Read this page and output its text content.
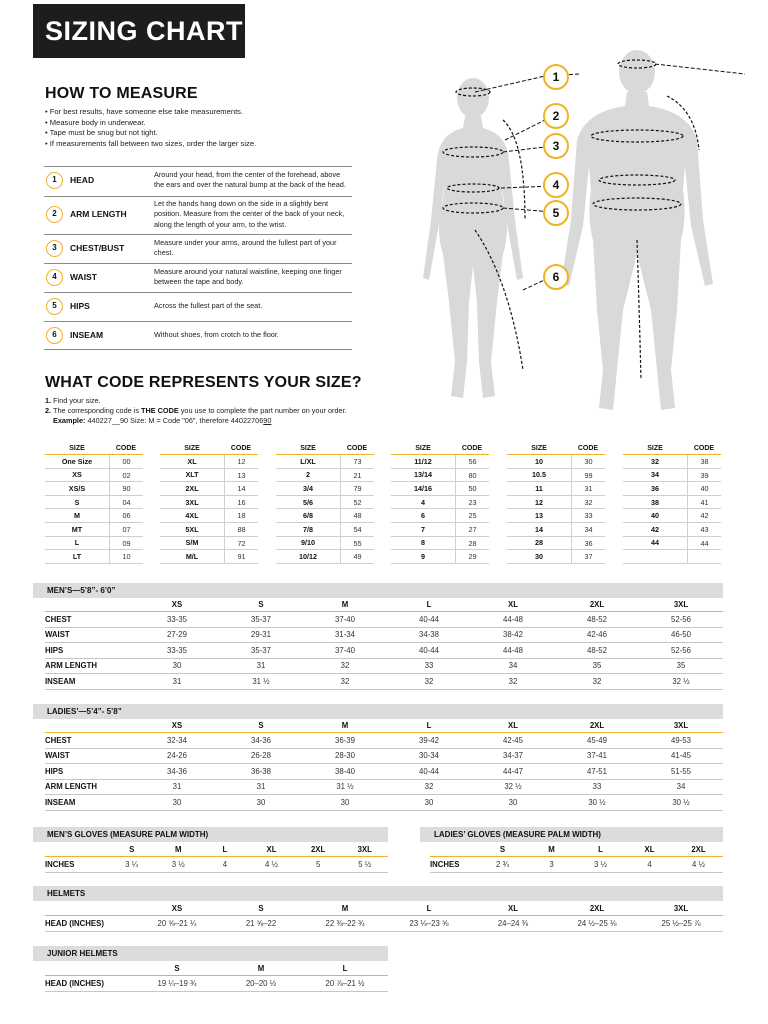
SIZING CHART
HOW TO MEASURE
• For best results, have someone else take measurements.
• Measure body in underwear.
• Tape must be snug but not tight.
• If measurements fall between two sizes, order the larger size.
1	HEAD
Around your head, from the center of the forehead, above the ears and over the natural bump at the back of the head.
2	ARM LENGTH
Let the hands hang down on the side in a slightly bent position. Measure from the center of the back of your neck, along the length of your arm, to the wrist.
3	CHEST/BUST
Measure under your arms, around the fullest part of your chest.
4	WAIST
Measure around your natural waistline, keeping one finger between the tape and body.
5	HIPS	Across the fullest part of the seat.
6	INSEAM	Without shoes, from crotch to the floor.
1
2
3
4
5
6
WHAT CODE REPRESENTS YOUR SIZE?
1. Find your size.
2. The corresponding code is THE CODE you use to complete the part number on your order.
Example: 440227__90 Size: M = Code "06", therefore 4402270690
SIZE	CODE
One Size	00
XS	02
XS/S	90
S	04
M	06
MT	07
L	09
LT	10
SIZE	CODE
XL	12
XLT	13
2XL	14
3XL	16
4XL	18
5XL	88
S/M	72
M/L	91
SIZE	CODE
L/XL	73
2	21
3/4	79
5/6	52
6/8	48
7/8	54
9/10	55
10/12	49
SIZE	CODE
11/12	56
13/14	80
14/16	50
4	23
6	25
7	27
8	28
9	29
SIZE	CODE
10	30
10.5	99
11	31
12	32
13	33
14	34
28	36
30	37
SIZE	CODE
32	38
34	39
36	40
38	41
40	42
42	43
44	44
MEN’S—5’8”- 6’0”
XS	S	M	L	XL	2XL	3XL
CHEST	33-35	35-37	37-40	40-44	44-48	48-52	52-56
WAIST	27-29	29-31	31-34	34-38	38-42	42-46	46-50
HIPS	33-35	35-37	37-40	40-44	44-48	48-52	52-56
ARM LENGTH	30	31	32	33	34	35	35
INSEAM	31	31 ½	32	32	32	32	32 ½
LADIES’—5’4”- 5’8”
XS	S	M	L	XL	2XL	3XL
CHEST	32-34	34-36	36-39	39-42	42-45	45-49	49-53
WAIST	24-26	26-28	28-30	30-34	34-37	37-41	41-45
HIPS	34-36	36-38	38-40	40-44	44-47	47-51	51-55
ARM LENGTH	31	31	31 ½	32	32 ½	33	34
INSEAM	30	30	30	30	30	30 ½	30 ½
MEN’S GLOVES (MEASURE PALM WIDTH)
S	M	L	XL	2XL	3XL
INCHES	3 ¼	3 ½	4	4 ½	5	5 ½
LADIES’ GLOVES (MEASURE PALM WIDTH)
S	M	L	XL	2XL
INCHES	2 ¾	3	3 ½	4	4 ½
HELMETS
XS	S	M	L	XL	2XL	3XL
HEAD (INCHES)	20 ⅝–21 ¼	21 ⅝–22	22 ⅜–22 ¾	23 ⅛–23 ⅝	24–24 ⅜	24 ½–25 ⅛	25 ½–25 ⅞
JUNIOR HELMETS
S	M	L
HEAD (INCHES)	19 ¼–19 ¾	20–20 ½	20 ⅞–21 ½
